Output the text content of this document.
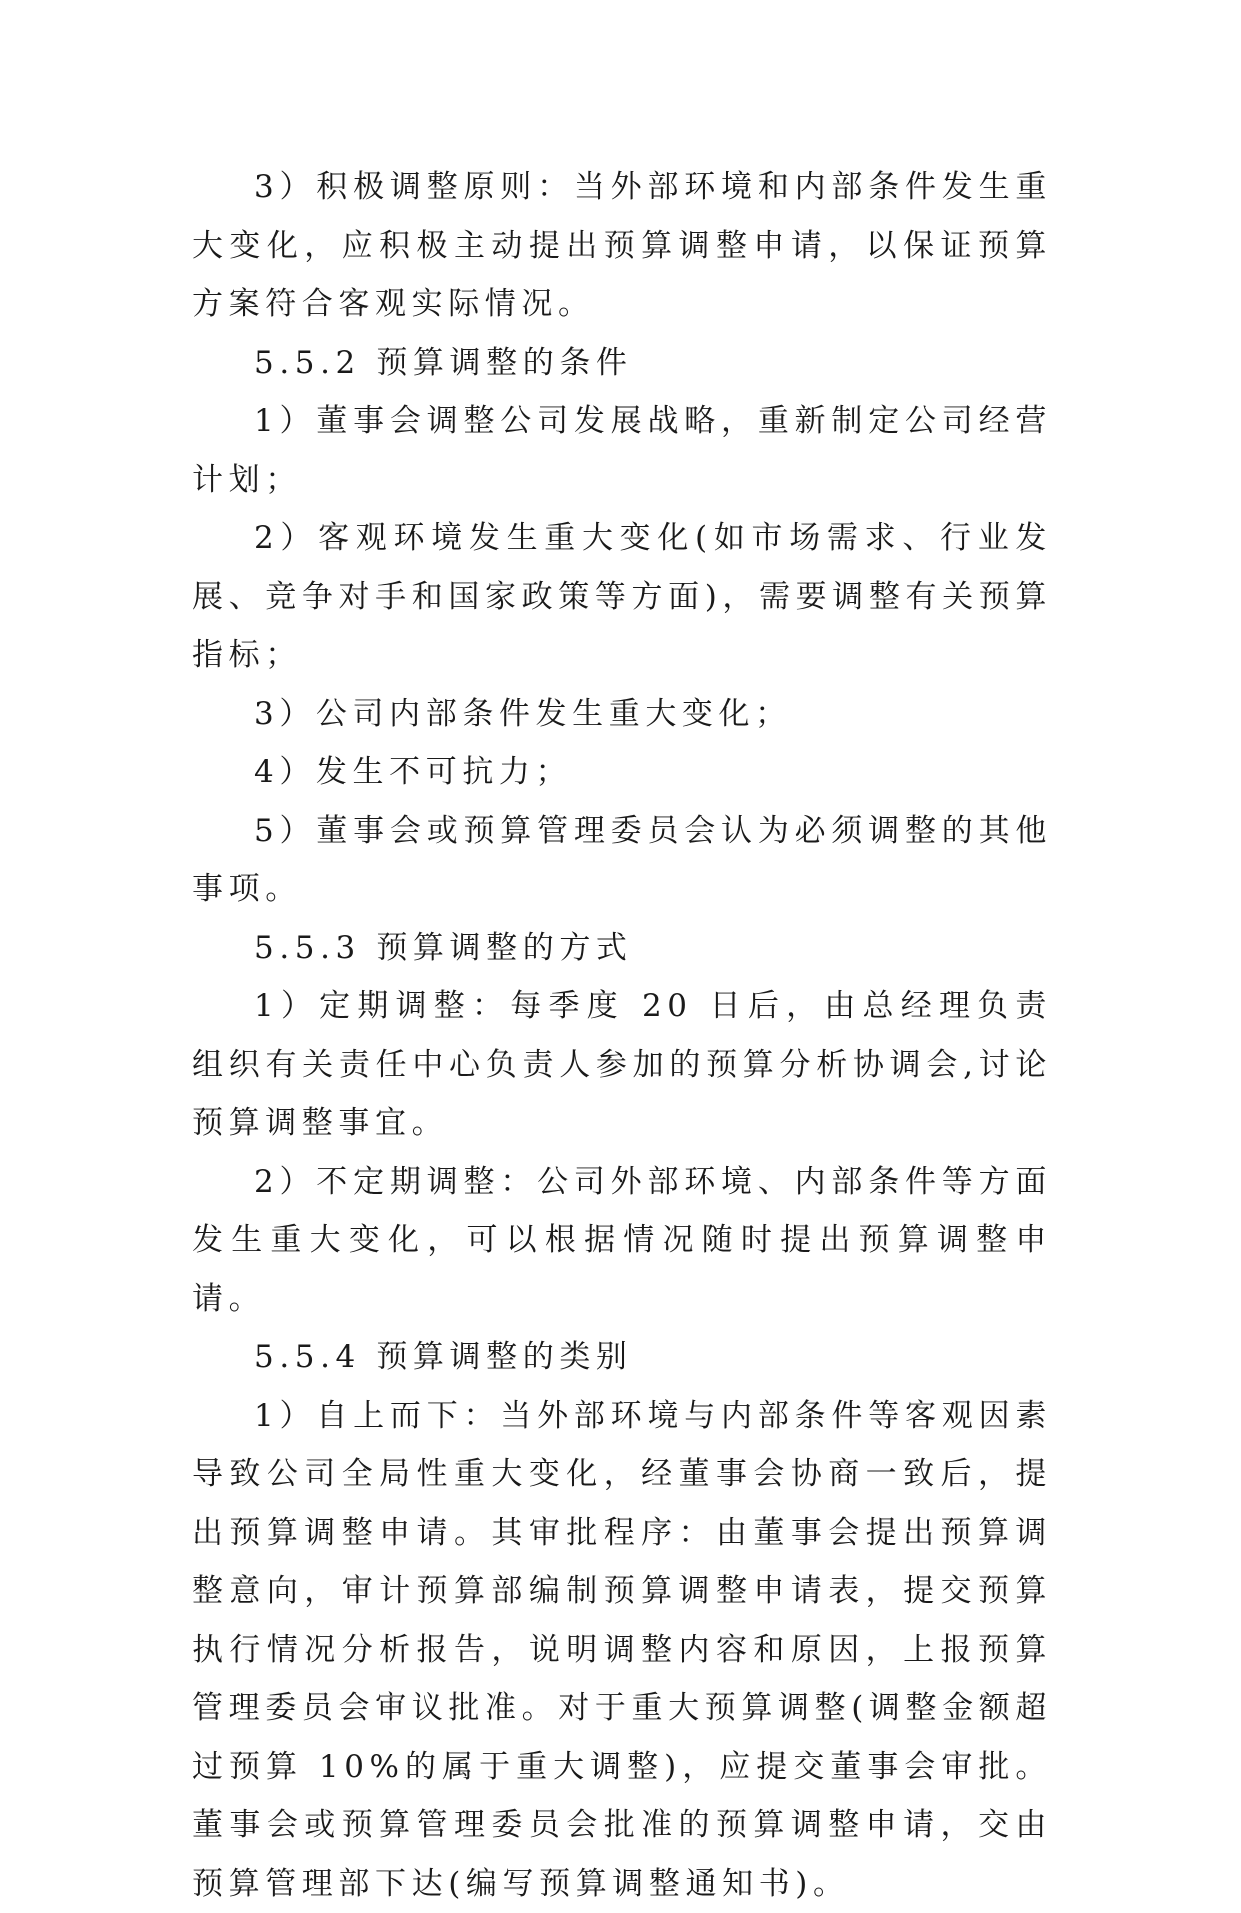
3）积极调整原则：当外部环境和内部条件发生重大变化，应积极主动提出预算调整申请，以保证预算方案符合客观实际情况。

5.5.2 预算调整的条件

1）董事会调整公司发展战略，重新制定公司经营计划；

2）客观环境发生重大变化(如市场需求、行业发展、竞争对手和国家政策等方面)，需要调整有关预算指标；

3）公司内部条件发生重大变化；

4）发生不可抗力；

5）董事会或预算管理委员会认为必须调整的其他事项。

5.5.3 预算调整的方式

1）定期调整：每季度 20 日后，由总经理负责组织有关责任中心负责人参加的预算分析协调会,讨论预算调整事宜。

2）不定期调整：公司外部环境、内部条件等方面发生重大变化，可以根据情况随时提出预算调整申请。

5.5.4 预算调整的类别

1）自上而下：当外部环境与内部条件等客观因素导致公司全局性重大变化，经董事会协商一致后，提出预算调整申请。其审批程序：由董事会提出预算调整意向，审计预算部编制预算调整申请表，提交预算执行情况分析报告，说明调整内容和原因，上报预算管理委员会审议批准。对于重大预算调整(调整金额超过预算 10%的属于重大调整)，应提交董事会审批。董事会或预算管理委员会批准的预算调整申请，交由预算管理部下达(编写预算调整通知书)。
